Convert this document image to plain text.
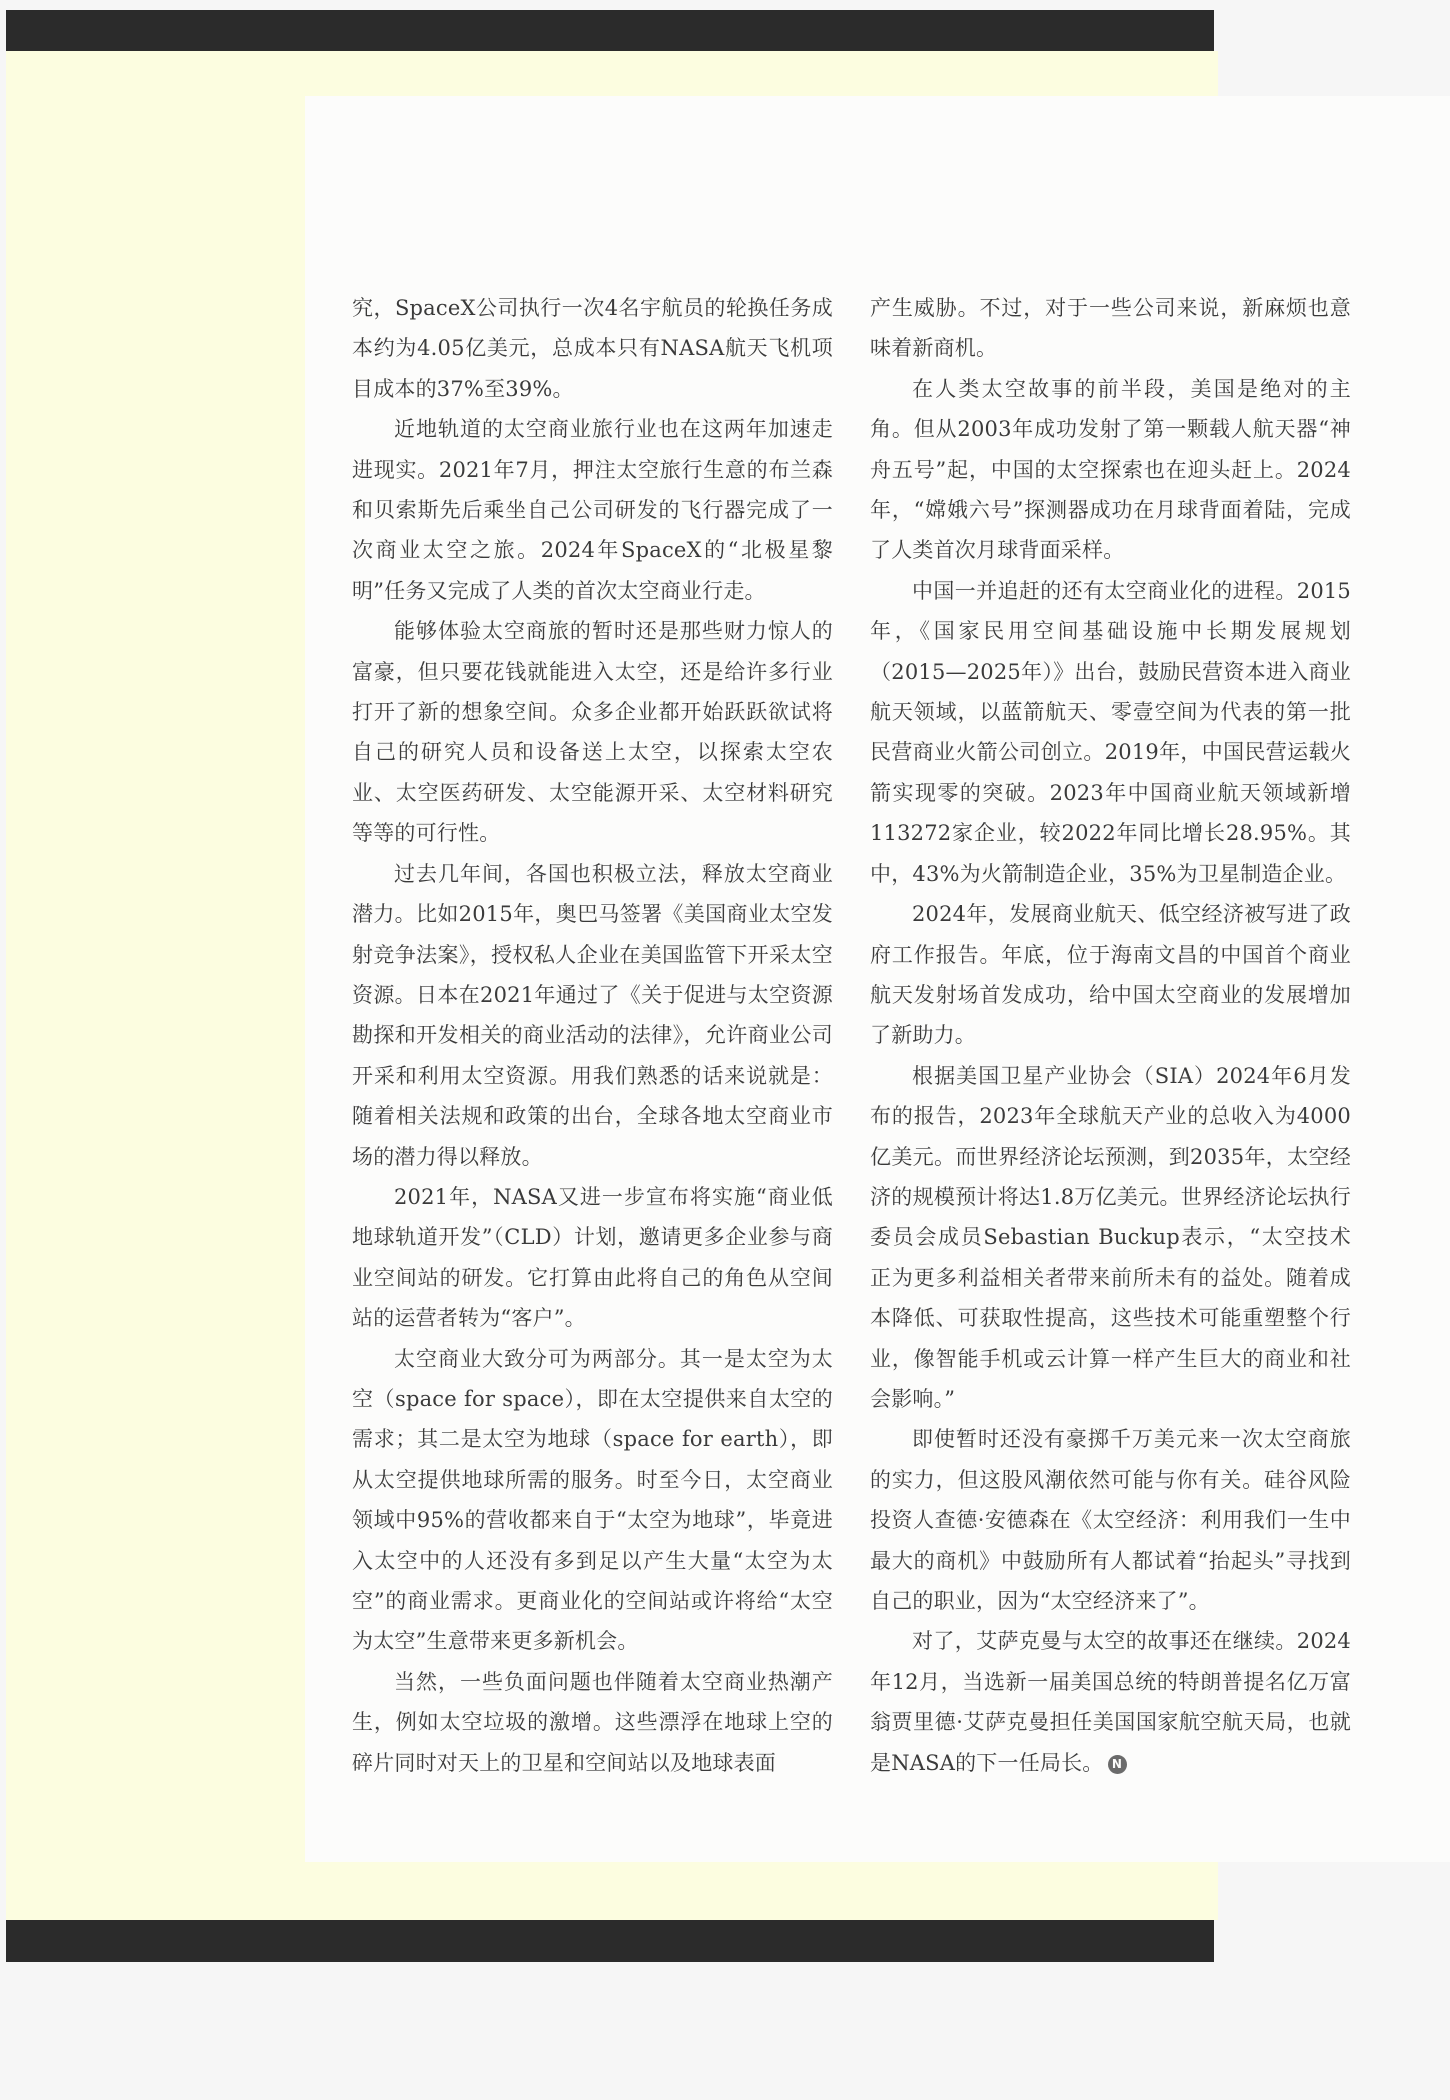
究，SpaceX公司执行一次4名宇航员的轮换任务成本约为4.05亿美元，总成本只有NASA航天飞机项目成本的37%至39%。

近地轨道的太空商业旅行业也在这两年加速走进现实。2021年7月，押注太空旅行生意的布兰森和贝索斯先后乘坐自己公司研发的飞行器完成了一次商业太空之旅。2024年SpaceX的“北极星黎明”任务又完成了人类的首次太空商业行走。

能够体验太空商旅的暂时还是那些财力惊人的富豪，但只要花钱就能进入太空，还是给许多行业打开了新的想象空间。众多企业都开始跃跃欲试将自己的研究人员和设备送上太空，以探索太空农业、太空医药研发、太空能源开采、太空材料研究等等的可行性。

过去几年间，各国也积极立法，释放太空商业潜力。比如2015年，奥巴马签署《美国商业太空发射竞争法案》，授权私人企业在美国监管下开采太空资源。日本在2021年通过了《关于促进与太空资源勘探和开发相关的商业活动的法律》，允许商业公司开采和利用太空资源。用我们熟悉的话来说就是：随着相关法规和政策的出台，全球各地太空商业市场的潜力得以释放。

2021年，NASA又进一步宣布将实施“商业低地球轨道开发”（CLD）计划，邀请更多企业参与商业空间站的研发。它打算由此将自己的角色从空间站的运营者转为“客户”。

太空商业大致分可为两部分。其一是太空为太空（space for space），即在太空提供来自太空的需求；其二是太空为地球（space for earth），即从太空提供地球所需的服务。时至今日，太空商业领域中95%的营收都来自于“太空为地球”，毕竟进入太空中的人还没有多到足以产生大量“太空为太空”的商业需求。更商业化的空间站或许将给“太空为太空”生意带来更多新机会。

当然，一些负面问题也伴随着太空商业热潮产生，例如太空垃圾的激增。这些漂浮在地球上空的碎片同时对天上的卫星和空间站以及地球表面

产生威胁。不过，对于一些公司来说，新麻烦也意味着新商机。

在人类太空故事的前半段，美国是绝对的主角。但从2003年成功发射了第一颗载人航天器“神舟五号”起，中国的太空探索也在迎头赶上。2024年，“嫦娥六号”探测器成功在月球背面着陆，完成了人类首次月球背面采样。

中国一并追赶的还有太空商业化的进程。2015年，《国家民用空间基础设施中长期发展规划（2015—2025年）》出台，鼓励民营资本进入商业航天领域，以蓝箭航天、零壹空间为代表的第一批民营商业火箭公司创立。2019年，中国民营运载火箭实现零的突破。2023年中国商业航天领域新增113272家企业，较2022年同比增长28.95%。其中，43%为火箭制造企业，35%为卫星制造企业。

2024年，发展商业航天、低空经济被写进了政府工作报告。年底，位于海南文昌的中国首个商业航天发射场首发成功，给中国太空商业的发展增加了新助力。

根据美国卫星产业协会（SIA）2024年6月发布的报告，2023年全球航天产业的总收入为4000亿美元。而世界经济论坛预测，到2035年，太空经济的规模预计将达1.8万亿美元。世界经济论坛执行委员会成员Sebastian Buckup表示，“太空技术正为更多利益相关者带来前所未有的益处。随着成本降低、可获取性提高，这些技术可能重塑整个行业，像智能手机或云计算一样产生巨大的商业和社会影响。”

即使暂时还没有豪掷千万美元来一次太空商旅的实力，但这股风潮依然可能与你有关。硅谷风险投资人查德·安德森在《太空经济：利用我们一生中最大的商机》中鼓励所有人都试着“抬起头”寻找到自己的职业，因为“太空经济来了”。

对了，艾萨克曼与太空的故事还在继续。2024年12月，当选新一届美国总统的特朗普提名亿万富翁贾里德·艾萨克曼担任美国国家航空航天局，也就是NASA的下一任局长。 N
